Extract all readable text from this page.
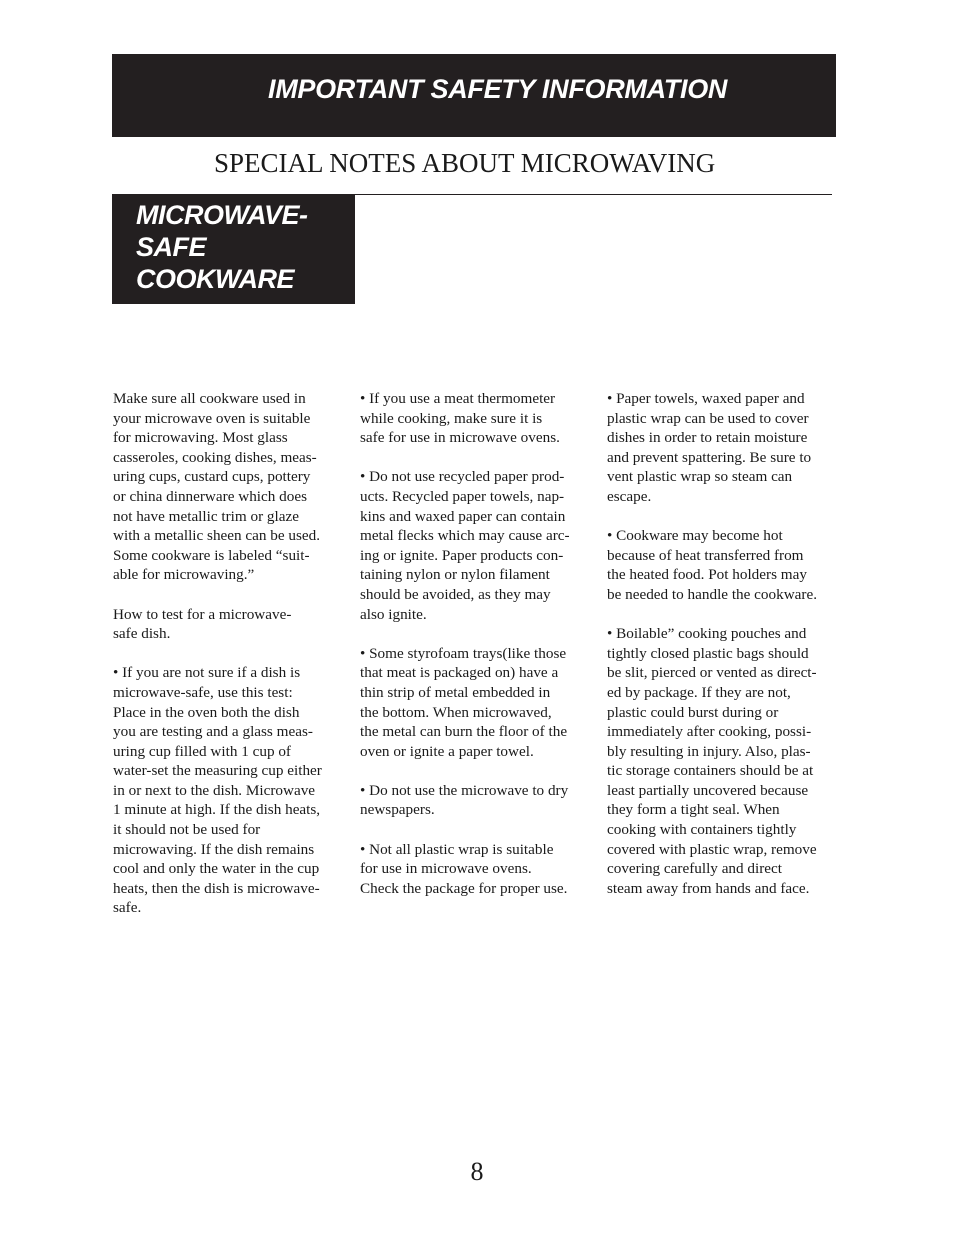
IMPORTANT SAFETY INFORMATION
SPECIAL NOTES ABOUT MICROWAVING

MICROWAVE-
SAFE
COOKWARE

Make sure all cookware used in
your microwave oven is suitable
for microwaving. Most glass
casseroles, cooking dishes, meas-
uring cups, custard cups, pottery
or china dinnerware which does
not have metallic trim or glaze
with a metallic sheen can be used.
Some cookware is labeled “suit-
able for microwaving.”

How to test for a microwave-
safe dish.

• If you are not sure if a dish is
microwave-safe, use this test:
Place in the oven both the dish
you are testing and a glass meas-
uring cup filled with 1 cup of
water-set the measuring cup either
in or next to the dish. Microwave
1 minute at high. If the dish heats,
it should not be used for
microwaving. If the dish remains
cool and only the water in the cup
heats, then the dish is microwave-
safe.

• If you use a meat thermometer
while cooking, make sure it is
safe for use in microwave ovens.

• Do not use recycled paper prod-
ucts. Recycled paper towels, nap-
kins and waxed paper can contain
metal flecks which may cause arc-
ing or ignite. Paper products con-
taining nylon or nylon filament
should be avoided, as they may
also ignite.

• Some styrofoam trays(like those
that meat is packaged on) have a
thin strip of metal embedded in
the bottom. When microwaved,
the metal can burn the floor of the
oven or ignite a paper towel.

• Do not use the microwave to dry
newspapers.

• Not all plastic wrap is suitable
for use in microwave ovens.
Check the package for proper use.

• Paper towels, waxed paper and
plastic wrap can be used to cover
dishes in order to retain moisture
and prevent spattering. Be sure to
vent plastic wrap so steam can
escape.

• Cookware may become hot
because of heat transferred from
the heated food. Pot holders may
be needed to handle the cookware.

• Boilable” cooking pouches and
tightly closed plastic bags should
be slit, pierced or vented as direct-
ed by package. If they are not,
plastic could burst during or
immediately after cooking, possi-
bly resulting in injury. Also, plas-
tic storage containers should be at
least partially uncovered because
they form a tight seal. When
cooking with containers tightly
covered with plastic wrap, remove
covering carefully and direct
steam away from hands and face.

8
